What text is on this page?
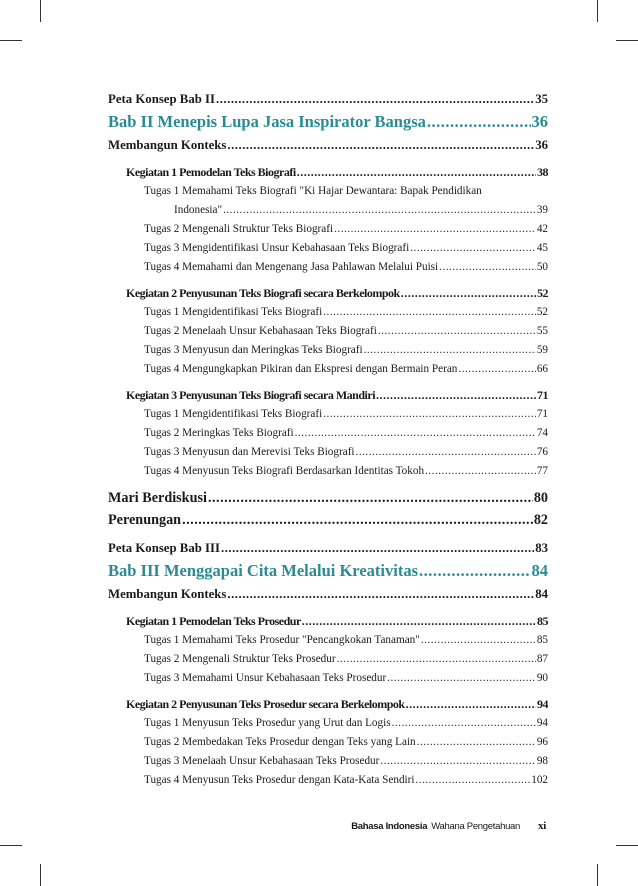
Peta Konsep Bab II .....	35
Bab II Menepis Lupa Jasa Inspirator Bangsa .....	36
Membangun Konteks .....	36
Kegiatan 1 Pemodelan Teks Biografi .....	38
Tugas 1 Memahami Teks Biografi "Ki Hajar Dewantara: Bapak Pendidikan
Indonesia" .....	39
Tugas 2 Mengenali Struktur Teks Biografi .....	42
Tugas 3 Mengidentifikasi Unsur Kebahasaan Teks Biografi .....	45
Tugas 4 Memahami dan Mengenang Jasa Pahlawan Melalui Puisi .....	50
Kegiatan 2 Penyusunan Teks Biografi secara Berkelompok .....	52
Tugas 1 Mengidentifikasi Teks Biografi .....	52
Tugas 2 Menelaah Unsur Kebahasaan Teks Biografi .....	55
Tugas 3 Menyusun dan Meringkas Teks Biografi .....	59
Tugas 4 Mengungkapkan Pikiran dan Ekspresi dengan Bermain Peran .....	66
Kegiatan 3 Penyusunan Teks Biografi secara Mandiri .....	71
Tugas 1 Mengidentifikasi Teks Biografi .....	71
Tugas 2 Meringkas Teks Biografi .....	74
Tugas 3 Menyusun dan Merevisi Teks Biografi .....	76
Tugas 4 Menyusun Teks Biografi Berdasarkan Identitas Tokoh .....	77
Mari Berdiskusi .....	80
Perenungan .....	82
Peta Konsep Bab III .....	83
Bab III Menggapai Cita Melalui Kreativitas .....	84
Membangun Konteks .....	84
Kegiatan 1 Pemodelan Teks Prosedur .....	85
Tugas 1 Memahami Teks Prosedur "Pencangkokan Tanaman" .....	85
Tugas 2 Mengenali Struktur Teks Prosedur .....	87
Tugas 3 Memahami Unsur Kebahasaan Teks Prosedur .....	90
Kegiatan 2 Penyusunan Teks Prosedur secara Berkelompok .....	94
Tugas 1 Menyusun Teks Prosedur yang Urut dan Logis .....	94
Tugas 2 Membedakan Teks Prosedur dengan Teks yang Lain .....	96
Tugas 3 Menelaah Unsur Kebahasaan Teks Prosedur .....	98
Tugas 4 Menyusun Teks Prosedur dengan Kata-Kata Sendiri .....	102
Bahasa Indonesia Wahana Pengetahuan xi
